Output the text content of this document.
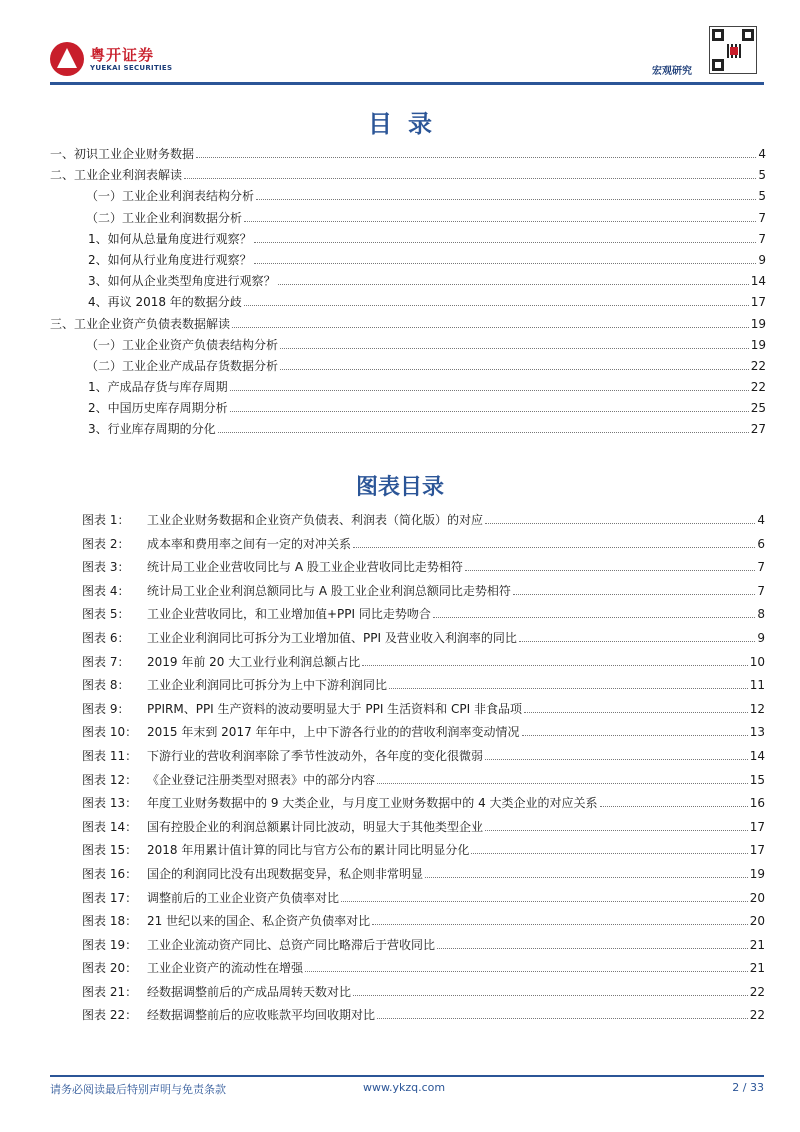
粤开证券
YUEKAI SECURITIES	宏观研究
目录
一、初识工业企业财务数据	4
二、工业企业利润表解读	5
（一）工业企业利润表结构分析	5
（二）工业企业利润数据分析	7
1、如何从总量角度进行观察？	7
2、如何从行业角度进行观察？	9
3、如何从企业类型角度进行观察？	14
4、再议 2018 年的数据分歧	17
三、工业企业资产负债表数据解读	19
（一）工业企业资产负债表结构分析	19
（二）工业企业产成品存货数据分析	22
1、产成品存货与库存周期	22
2、中国历史库存周期分析	25
3、行业库存周期的分化	27
图表目录
图表 1：	工业企业财务数据和企业资产负债表、利润表（简化版）的对应	4
图表 2：	成本率和费用率之间有一定的对冲关系	6
图表 3：	统计局工业企业营收同比与 A 股工业企业营收同比走势相符	7
图表 4：	统计局工业企业利润总额同比与 A 股工业企业利润总额同比走势相符	7
图表 5：	工业企业营收同比，和工业增加值+PPI 同比走势吻合	8
图表 6：	工业企业利润同比可拆分为工业增加值、PPI 及营业收入利润率的同比	9
图表 7：	2019 年前 20 大工业行业利润总额占比	10
图表 8：	工业企业利润同比可拆分为上中下游利润同比	11
图表 9：	PPIRM、PPI 生产资料的波动要明显大于 PPI 生活资料和 CPI 非食品项	12
图表 10： 2015 年末到 2017 年年中，上中下游各行业的的营收利润率变动情况	13
图表 11： 下游行业的营收利润率除了季节性波动外，各年度的变化很微弱	14
图表 12： 《企业登记注册类型对照表》中的部分内容	15
图表 13： 年度工业财务数据中的 9 大类企业，与月度工业财务数据中的 4 大类企业的对应关系	16
图表 14： 国有控股企业的利润总额累计同比波动，明显大于其他类型企业	17
图表 15： 2018 年用累计值计算的同比与官方公布的累计同比明显分化	17
图表 16： 国企的利润同比没有出现数据变异，私企则非常明显	19
图表 17： 调整前后的工业企业资产负债率对比	20
图表 18： 21 世纪以来的国企、私企资产负债率对比	20
图表 19： 工业企业流动资产同比、总资产同比略滞后于营收同比	21
图表 20： 工业企业资产的流动性在增强	21
图表 21： 经数据调整前后的产成品周转天数对比	22
图表 22： 经数据调整前后的应收账款平均回收期对比	22
请务必阅读最后特别声明与免责条款	www.ykzq.com	2 / 33
